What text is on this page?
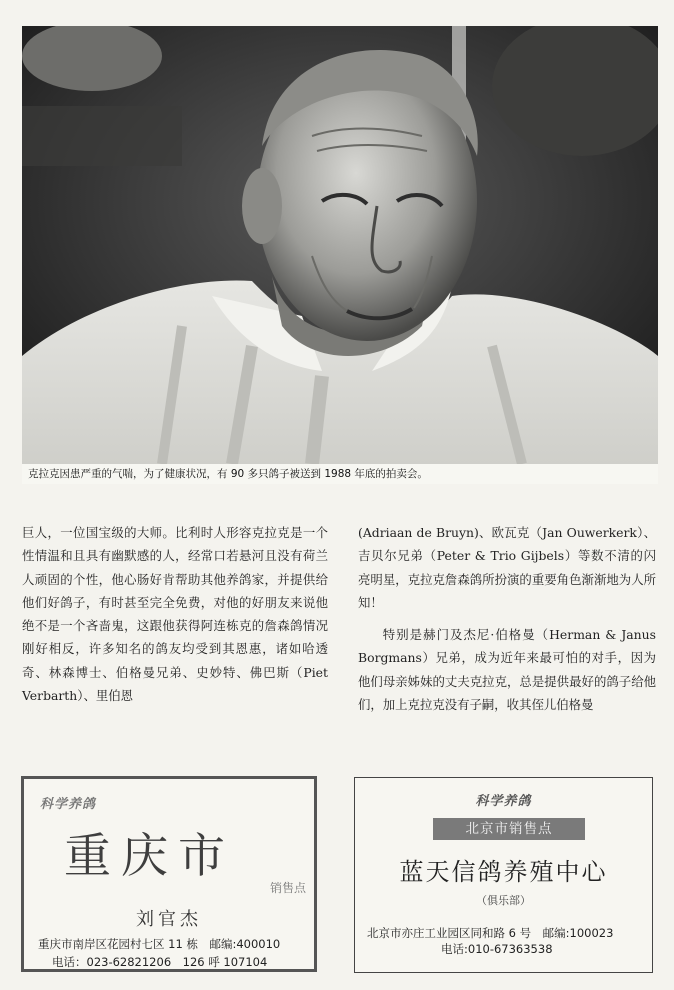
克拉克因患严重的气喘，为了健康状况，有 90 多只鸽子被送到 1988 年底的拍卖会。

巨人，一位国宝级的大师。比利时人形容克拉克是一个性情温和且具有幽默感的人，经常口若悬河且没有荷兰人顽固的个性，他心肠好肯帮助其他养鸽家，并提供给他们好鸽子，有时甚至完全免费，对他的好朋友来说他绝不是一个吝啬鬼，这跟他获得阿连栋克的詹森鸽情况刚好相反，许多知名的鸽友均受到其恩惠，诸如哈透奇、林森博士、伯格曼兄弟、史妙特、佛巴斯（Piet Verbarth）、里伯恩

(Adriaan de Bruyn)、欧瓦克（Jan Ouwerkerk）、吉贝尔兄弟（Peter & Trio Gijbels）等数不清的闪亮明星，克拉克詹森鸽所扮演的重要角色渐渐地为人所知！

特别是赫门及杰尼·伯格曼（Herman & Janus Borgmans）兄弟，成为近年来最可怕的对手，因为他们母亲姊妹的丈夫克拉克，总是提供最好的鸽子给他们，加上克拉克没有子嗣，收其侄儿伯格曼

科学养鸽
重庆市
销售点
刘官杰
重庆市南岸区花园村七区 11 栋　邮编:400010
电话：023-62821206　126 呼 107104
科学养鸽
北京市销售点
蓝天信鸽养殖中心
（俱乐部）
北京市亦庄工业园区同和路 6 号　邮编:100023
电话:010-67363538
